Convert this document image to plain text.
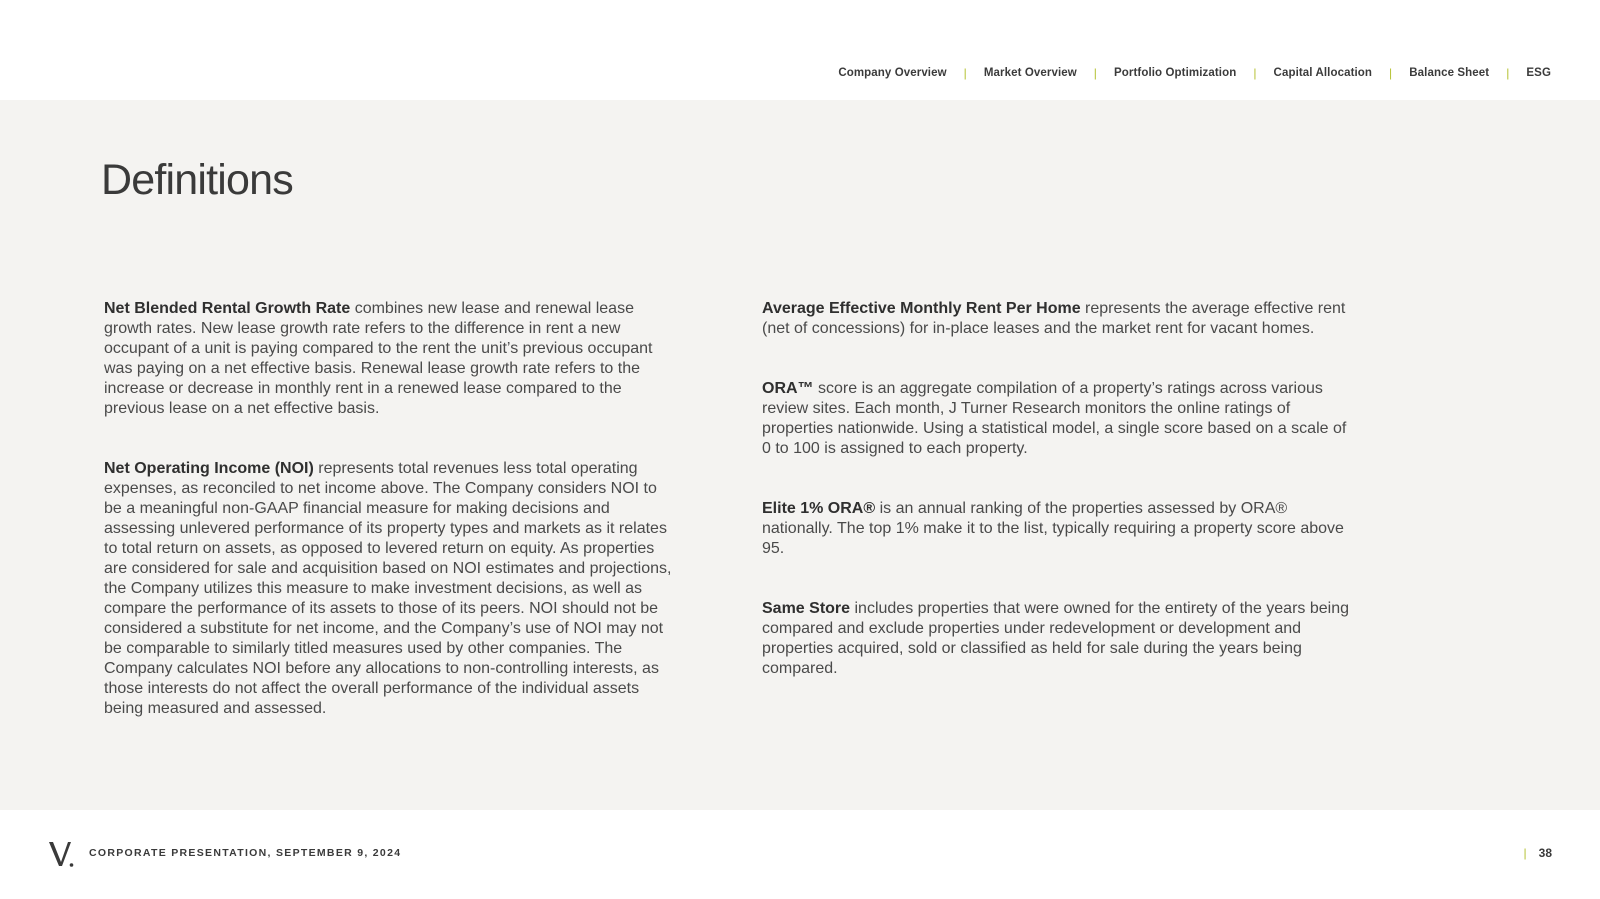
Company Overview | Market Overview | Portfolio Optimization | Capital Allocation | Balance Sheet | ESG
Definitions

Net Blended Rental Growth Rate combines new lease and renewal lease growth rates. New lease growth rate refers to the difference in rent a new occupant of a unit is paying compared to the rent the unit’s previous occupant was paying on a net effective basis. Renewal lease growth rate refers to the increase or decrease in monthly rent in a renewed lease compared to the previous lease on a net effective basis.

Net Operating Income (NOI) represents total revenues less total operating expenses, as reconciled to net income above. The Company considers NOI to be a meaningful non-GAAP financial measure for making decisions and assessing unlevered performance of its property types and markets as it relates to total return on assets, as opposed to levered return on equity. As properties are considered for sale and acquisition based on NOI estimates and projections, the Company utilizes this measure to make investment decisions, as well as compare the performance of its assets to those of its peers. NOI should not be considered a substitute for net income, and the Company’s use of NOI may not be comparable to similarly titled measures used by other companies. The Company calculates NOI before any allocations to non-controlling interests, as those interests do not affect the overall performance of the individual assets being measured and assessed.

Average Effective Monthly Rent Per Home represents the average effective rent (net of concessions) for in-place leases and the market rent for vacant homes.

ORA™ score is an aggregate compilation of a property’s ratings across various review sites. Each month, J Turner Research monitors the online ratings of properties nationwide. Using a statistical model, a single score based on a scale of 0 to 100 is assigned to each property.

Elite 1% ORA® is an annual ranking of the properties assessed by ORA® nationally. The top 1% make it to the list, typically requiring a property score above 95.

Same Store includes properties that were owned for the entirety of the years being compared and exclude properties under redevelopment or development and properties acquired, sold or classified as held for sale during the years being compared.

CORPORATE PRESENTATION, SEPTEMBER 9, 2024	| 38
